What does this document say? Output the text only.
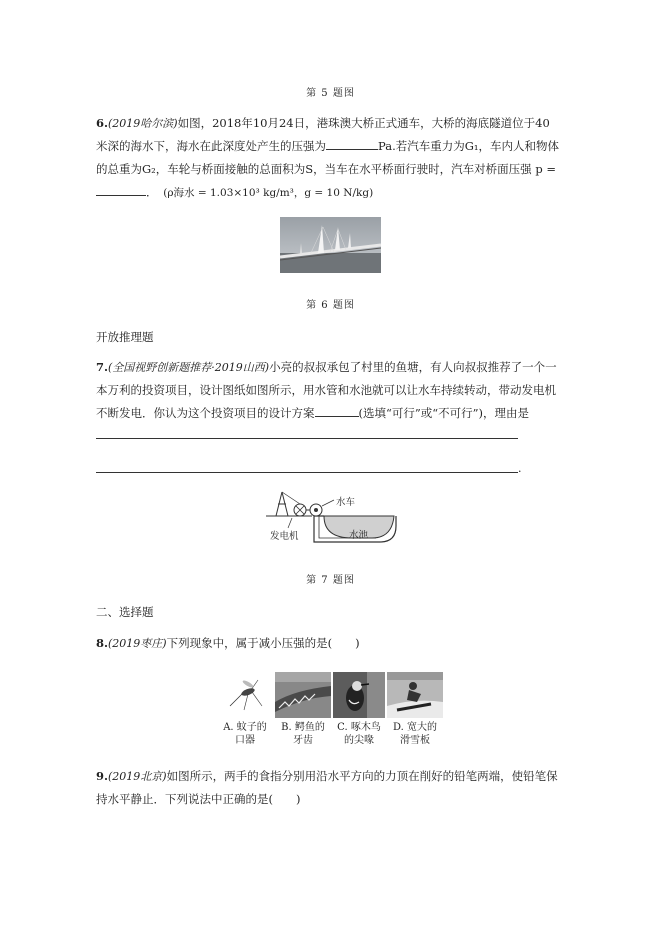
第 5 题图
6.(2019哈尔滨)如图，2018年10月24日，港珠澳大桥正式通车，大桥的海底隧道位于40
米深的海水下，海水在此深度处产生的压强为	Pa.若汽车重力为G₁，车内人和物体
的总重为G₂，车轮与桥面接触的总面积为S，当车在水平桥面行驶时，汽车对桥面压强 p =
．　(ρ海水 = 1.03×10³ kg/m³，g = 10 N/kg)
第 6 题图
开放推理题
7.(全国视野创新题推荐·2019山西)小亮的叔叔承包了村里的鱼塘，有人向叔叔推荐了一个一
本万利的投资项目，设计图纸如图所示，用水管和水池就可以让水车持续转动，带动发电机
不断发电．你认为这个投资项目的设计方案	(选填“可行”或“不可行”)，理由是
.
水车
发电机	水池
第 7 题图
二、选择题
8.(2019枣庄)下列现象中，属于减小压强的是(　　)
A. 蚊子的
口器
B. 鳄鱼的
牙齿
C. 啄木鸟
的尖喙
D. 宽大的
滑雪板
9.(2019北京)如图所示，两手的食指分别用沿水平方向的力顶在削好的铅笔两端，使铅笔保
持水平静止．下列说法中正确的是(　　)
